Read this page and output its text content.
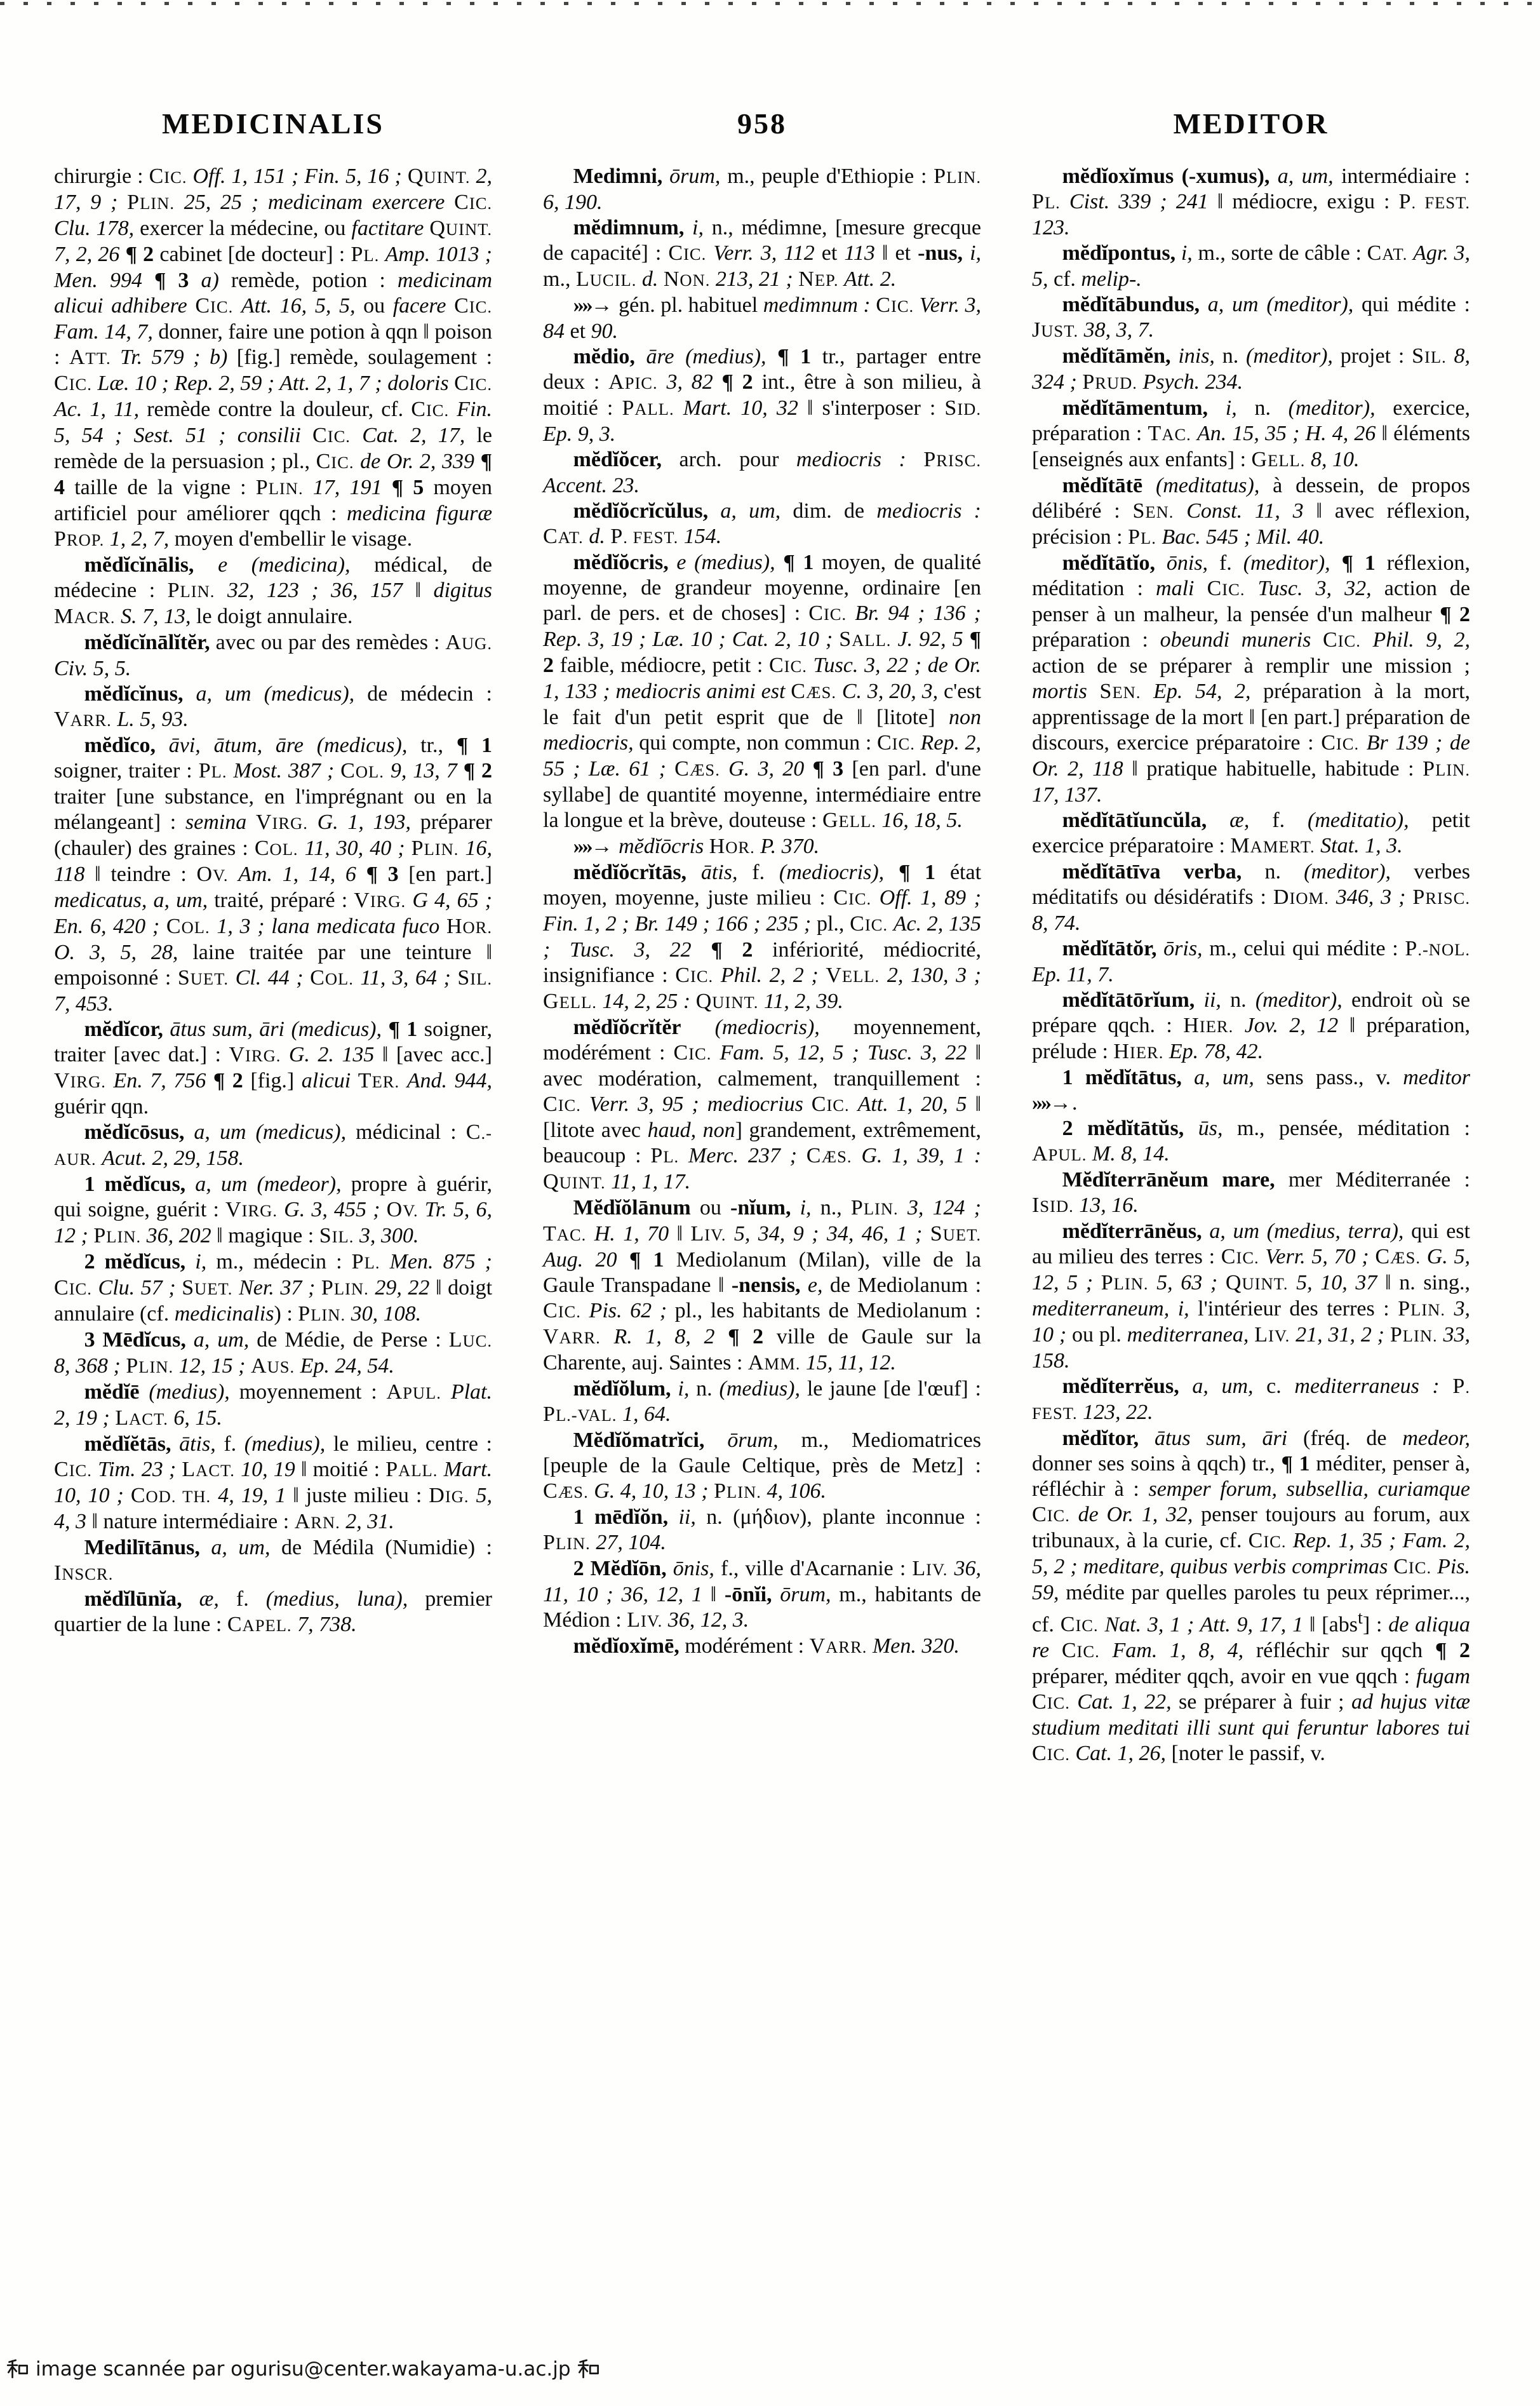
MEDICINALIS	958	MEDITOR

chirurgie : CIC. Off. 1, 151 ; Fin. 5, 16 ; QUINT. 2, 17, 9 ; PLIN. 25, 25 ; medicinam exercere CIC. Clu. 178, exercer la médecine, ou factitare QUINT. 7, 2, 26 ¶ 2 cabinet [de docteur] : PL. Amp. 1013 ; Men. 994 ¶ 3 a) remède, potion : medicinam alicui adhibere CIC. Att. 16, 5, 5, ou facere CIC. Fam. 14, 7, donner, faire une potion à qqn ‖ poison : ATT. Tr. 579 ; b) [fig.] remède, soulagement : CIC. Læ. 10 ; Rep. 2, 59 ; Att. 2, 1, 7 ; doloris CIC. Ac. 1, 11, remède contre la douleur, cf. CIC. Fin. 5, 54 ; Sest. 51 ; consilii CIC. Cat. 2, 17, le remède de la persuasion ; pl., CIC. de Or. 2, 339 ¶ 4 taille de la vigne : PLIN. 17, 191 ¶ 5 moyen artificiel pour améliorer qqch : medicina figuræ PROP. 1, 2, 7, moyen d'embellir le visage.

mĕdĭcĭnālis, e (medicina), médical, de médecine : PLIN. 32, 123 ; 36, 157 ‖ digitus MACR. S. 7, 13, le doigt annulaire.

mĕdĭcĭnālĭtĕr, avec ou par des remèdes : AUG. Civ. 5, 5.

mĕdĭcĭnus, a, um (medicus), de médecin : VARR. L. 5, 93.

mĕdĭco, āvi, ātum, āre (medicus), tr., ¶ 1 soigner, traiter : PL. Most. 387 ; COL. 9, 13, 7 ¶ 2 traiter [une substance, en l'imprégnant ou en la mélangeant] : semina VIRG. G. 1, 193, préparer (chauler) des graines : COL. 11, 30, 40 ; PLIN. 16, 118 ‖ teindre : OV. Am. 1, 14, 6 ¶ 3 [en part.] medicatus, a, um, traité, préparé : VIRG. G 4, 65 ; En. 6, 420 ; COL. 1, 3 ; lana medicata fuco HOR. O. 3, 5, 28, laine traitée par une teinture ‖ empoisonné : SUET. Cl. 44 ; COL. 11, 3, 64 ; SIL. 7, 453.

mĕdĭcor, ātus sum, āri (medicus), ¶ 1 soigner, traiter [avec dat.] : VIRG. G. 2. 135 ‖ [avec acc.] VIRG. En. 7, 756 ¶ 2 [fig.] alicui TER. And. 944, guérir qqn.

mĕdĭcōsus, a, um (medicus), médicinal : C.-AUR. Acut. 2, 29, 158.

1 mĕdĭcus, a, um (medeor), propre à guérir, qui soigne, guérit : VIRG. G. 3, 455 ; OV. Tr. 5, 6, 12 ; PLIN. 36, 202 ‖ magique : SIL. 3, 300.

2 mĕdĭcus, i, m., médecin : PL. Men. 875 ; CIC. Clu. 57 ; SUET. Ner. 37 ; PLIN. 29, 22 ‖ doigt annulaire (cf. medicinalis) : PLIN. 30, 108.

3 Mēdĭcus, a, um, de Médie, de Perse : LUC. 8, 368 ; PLIN. 12, 15 ; AUS. Ep. 24, 54.

mĕdĭē (medius), moyennement : APUL. Plat. 2, 19 ; LACT. 6, 15.

mĕdĭĕtās, ātis, f. (medius), le milieu, centre : CIC. Tim. 23 ; LACT. 10, 19 ‖ moitié : PALL. Mart. 10, 10 ; COD. TH. 4, 19, 1 ‖ juste milieu : DIG. 5, 4, 3 ‖ nature intermédiaire : ARN. 2, 31.

Medilītānus, a, um, de Médila (Numidie) : INSCR.

mĕdĭlūnĭa, æ, f. (medius, luna), premier quartier de la lune : CAPEL. 7, 738.

Medimni, ōrum, m., peuple d'Ethiopie : PLIN. 6, 190.

mĕdimnum, i, n., médimne, [mesure grecque de capacité] : CIC. Verr. 3, 112 et 113 ‖ et -nus, i, m., LUCIL. d. NON. 213, 21 ; NEP. Att. 2.

»»→ gén. pl. habituel medimnum : CIC. Verr. 3, 84 et 90.

mĕdio, āre (medius), ¶ 1 tr., partager entre deux : APIC. 3, 82 ¶ 2 int., être à son milieu, à moitié : PALL. Mart. 10, 32 ‖ s'interposer : SID. Ep. 9, 3.

mĕdĭŏcer, arch. pour mediocris : PRISC. Accent. 23.

mĕdĭŏcrĭcŭlus, a, um, dim. de mediocris : CAT. d. P. FEST. 154.

mĕdĭŏcris, e (medius), ¶ 1 moyen, de qualité moyenne, de grandeur moyenne, ordinaire [en parl. de pers. et de choses] : CIC. Br. 94 ; 136 ; Rep. 3, 19 ; Læ. 10 ; Cat. 2, 10 ; SALL. J. 92, 5 ¶ 2 faible, médiocre, petit : CIC. Tusc. 3, 22 ; de Or. 1, 133 ; mediocris animi est CÆS. C. 3, 20, 3, c'est le fait d'un petit esprit que de ‖ [litote] non mediocris, qui compte, non commun : CIC. Rep. 2, 55 ; Læ. 61 ; CÆS. G. 3, 20 ¶ 3 [en parl. d'une syllabe] de quantité moyenne, intermédiaire entre la longue et la brève, douteuse : GELL. 16, 18, 5.

»»→ mĕdĭōcris HOR. P. 370.

mĕdĭŏcrĭtās, ātis, f. (mediocris), ¶ 1 état moyen, moyenne, juste milieu : CIC. Off. 1, 89 ; Fin. 1, 2 ; Br. 149 ; 166 ; 235 ; pl., CIC. Ac. 2, 135 ; Tusc. 3, 22 ¶ 2 infériorité, médiocrité, insignifiance : CIC. Phil. 2, 2 ; VELL. 2, 130, 3 ; GELL. 14, 2, 25 : QUINT. 11, 2, 39.

mĕdĭŏcrĭtĕr (mediocris), moyennement, modérément : CIC. Fam. 5, 12, 5 ; Tusc. 3, 22 ‖ avec modération, calmement, tranquillement : CIC. Verr. 3, 95 ; mediocrius CIC. Att. 1, 20, 5 ‖ [litote avec haud, non] grandement, extrêmement, beaucoup : PL. Merc. 237 ; CÆS. G. 1, 39, 1 : QUINT. 11, 1, 17.

Mĕdĭŏlānum ou -nĭum, i, n., PLIN. 3, 124 ; TAC. H. 1, 70 ‖ LIV. 5, 34, 9 ; 34, 46, 1 ; SUET. Aug. 20 ¶ 1 Mediolanum (Milan), ville de la Gaule Transpadane ‖ -nensis, e, de Mediolanum : CIC. Pis. 62 ; pl., les habitants de Mediolanum : VARR. R. 1, 8, 2 ¶ 2 ville de Gaule sur la Charente, auj. Saintes : AMM. 15, 11, 12.

mĕdĭŏlum, i, n. (medius), le jaune [de l'œuf] : PL.-VAL. 1, 64.

Mĕdĭŏmatrĭci, ōrum, m., Mediomatrices [peuple de la Gaule Celtique, près de Metz] : CÆS. G. 4, 10, 13 ; PLIN. 4, 106.

1 mēdĭŏn, ii, n. (μήδιον), plante inconnue : PLIN. 27, 104.

2 Mĕdĭōn, ōnis, f., ville d'Acarnanie : LIV. 36, 11, 10 ; 36, 12, 1 ‖ -ōnĭi, ōrum, m., habitants de Médion : LIV. 36, 12, 3.

mĕdĭoxĭmē, modérément : VARR. Men. 320.

mĕdĭoxĭmus (-xumus), a, um, intermédiaire : PL. Cist. 339 ; 241 ‖ médiocre, exigu : P. FEST. 123.

mĕdĭpontus, i, m., sorte de câble : CAT. Agr. 3, 5, cf. melip-.

mĕdĭtābundus, a, um (meditor), qui médite : JUST. 38, 3, 7.

mĕdĭtāmĕn, inis, n. (meditor), projet : SIL. 8, 324 ; PRUD. Psych. 234.

mĕdĭtāmentum, i, n. (meditor), exercice, préparation : TAC. An. 15, 35 ; H. 4, 26 ‖ éléments [enseignés aux enfants] : GELL. 8, 10.

mĕdĭtātē (meditatus), à dessein, de propos délibéré : SEN. Const. 11, 3 ‖ avec réflexion, précision : PL. Bac. 545 ; Mil. 40.

mĕdĭtātĭo, ōnis, f. (meditor), ¶ 1 réflexion, méditation : mali CIC. Tusc. 3, 32, action de penser à un malheur, la pensée d'un malheur ¶ 2 préparation : obeundi muneris CIC. Phil. 9, 2, action de se préparer à remplir une mission ; mortis SEN. Ep. 54, 2, préparation à la mort, apprentissage de la mort ‖ [en part.] préparation de discours, exercice préparatoire : CIC. Br 139 ; de Or. 2, 118 ‖ pratique habituelle, habitude : PLIN. 17, 137.

mĕdĭtātĭuncŭla, æ, f. (meditatio), petit exercice préparatoire : MAMERT. Stat. 1, 3.

mĕdĭtātīva verba, n. (meditor), verbes méditatifs ou désidératifs : DIOM. 346, 3 ; PRISC. 8, 74.

mĕdĭtātŏr, ōris, m., celui qui médite : P.-NOL. Ep. 11, 7.

mĕdĭtātōrĭum, ii, n. (meditor), endroit où se prépare qqch. : HIER. Jov. 2, 12 ‖ préparation, prélude : HIER. Ep. 78, 42.

1 mĕdĭtātus, a, um, sens pass., v. meditor »»→ .

2 mĕdĭtātŭs, ūs, m., pensée, méditation : APUL. M. 8, 14.

Mĕdĭterrānĕum mare, mer Méditerranée : ISID. 13, 16.

mĕdĭterrānĕus, a, um (medius, terra), qui est au milieu des terres : CIC. Verr. 5, 70 ; CÆS. G. 5, 12, 5 ; PLIN. 5, 63 ; QUINT. 5, 10, 37 ‖ n. sing., mediterraneum, i, l'intérieur des terres : PLIN. 3, 10 ; ou pl. mediterranea, LIV. 21, 31, 2 ; PLIN. 33, 158.

mĕdĭterrĕus, a, um, c. mediterraneus : P. FEST. 123, 22.

mĕdĭtor, ātus sum, āri (fréq. de medeor, donner ses soins à qqch) tr., ¶ 1 méditer, penser à, réfléchir à : semper forum, subsellia, curiamque CIC. de Or. 1, 32, penser toujours au forum, aux tribunaux, à la curie, cf. CIC. Rep. 1, 35 ; Fam. 2, 5, 2 ; meditare, quibus verbis comprimas CIC. Pis. 59, médite par quelles paroles tu peux réprimer..., cf. CIC. Nat. 3, 1 ; Att. 9, 17, 1 ‖ [abs$^t$] : de aliqua re CIC. Fam. 1, 8, 4, réfléchir sur qqch ¶ 2 préparer, méditer qqch, avoir en vue qqch : fugam CIC. Cat. 1, 22, se préparer à fuir ; ad hujus vitæ studium meditati illi sunt qui feruntur labores tui CIC. Cat. 1, 26, [noter le passif, v.

image scannée par ogurisu@center.wakayama-u.ac.jp
